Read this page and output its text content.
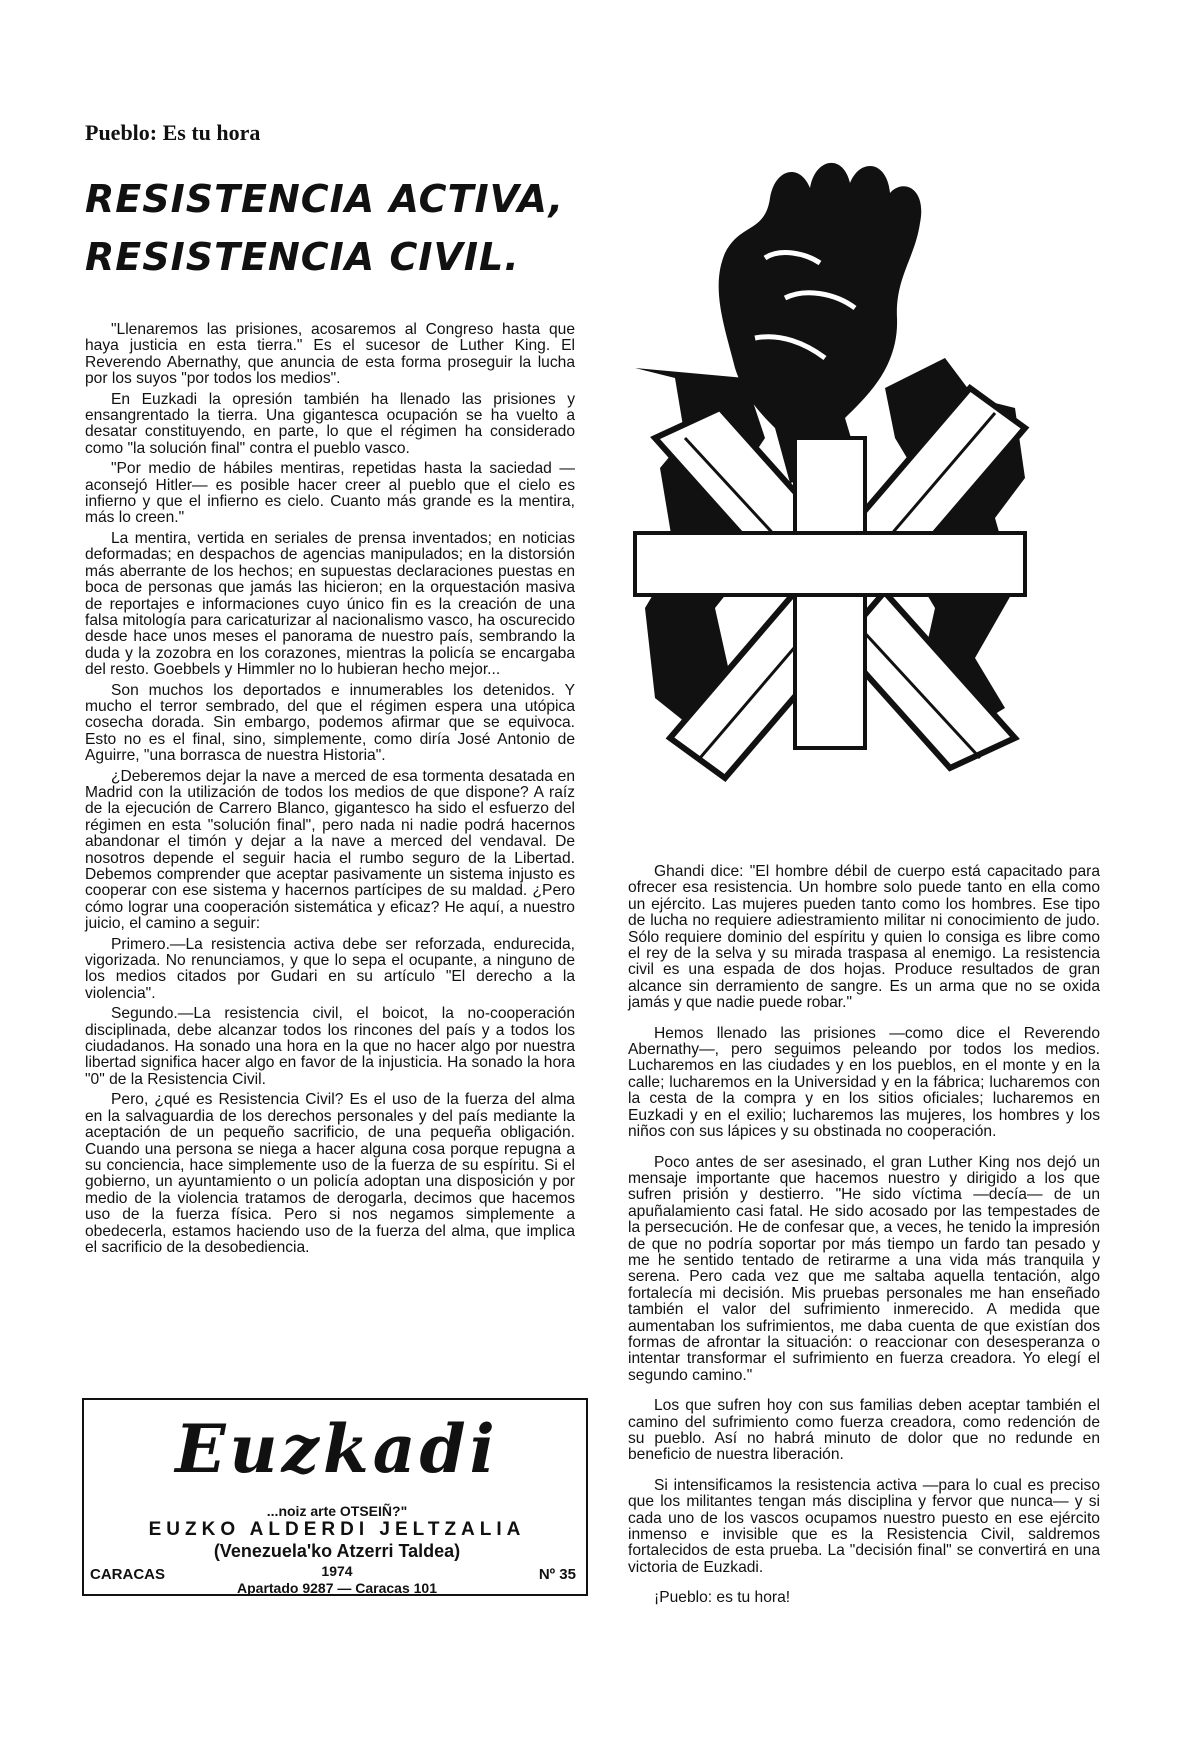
Pueblo: Es tu hora
RESISTENCIA ACTIVA,
RESISTENCIA CIVIL.

"Llenaremos las prisiones, acosaremos al Congreso hasta que haya justicia en esta tierra." Es el sucesor de Luther King. El Reverendo Abernathy, que anuncia de esta forma proseguir la lucha por los suyos "por todos los medios".

En Euzkadi la opresión también ha llenado las prisiones y ensangrentado la tierra. Una gigantesca ocupación se ha vuelto a desatar constituyendo, en parte, lo que el régimen ha considerado como "la solución final" contra el pueblo vasco.

"Por medio de hábiles mentiras, repetidas hasta la saciedad —aconsejó Hitler— es posible hacer creer al pueblo que el cielo es infierno y que el infierno es cielo. Cuanto más grande es la mentira, más lo creen."

La mentira, vertida en seriales de prensa inventados; en noticias deformadas; en despachos de agencias manipulados; en la distorsión más aberrante de los hechos; en supuestas declaraciones puestas en boca de personas que jamás las hicieron; en la orquestación masiva de reportajes e informaciones cuyo único fin es la creación de una falsa mitología para caricaturizar al nacionalismo vasco, ha oscurecido desde hace unos meses el panorama de nuestro país, sembrando la duda y la zozobra en los corazones, mientras la policía se encargaba del resto. Goebbels y Himmler no lo hubieran hecho mejor...

Son muchos los deportados e innumerables los detenidos. Y mucho el terror sembrado, del que el régimen espera una utópica cosecha dorada. Sin embargo, podemos afirmar que se equivoca. Esto no es el final, sino, simplemente, como diría José Antonio de Aguirre, "una borrasca de nuestra Historia".

¿Deberemos dejar la nave a merced de esa tormenta desatada en Madrid con la utilización de todos los medios de que dispone? A raíz de la ejecución de Carrero Blanco, gigantesco ha sido el esfuerzo del régimen en esta "solución final", pero nada ni nadie podrá hacernos abandonar el timón y dejar a la nave a merced del vendaval. De nosotros depende el seguir hacia el rumbo seguro de la Libertad. Debemos comprender que aceptar pasivamente un sistema injusto es cooperar con ese sistema y hacernos partícipes de su maldad. ¿Pero cómo lograr una cooperación sistemática y eficaz? He aquí, a nuestro juicio, el camino a seguir:

Primero.—La resistencia activa debe ser reforzada, endurecida, vigorizada. No renunciamos, y que lo sepa el ocupante, a ninguno de los medios citados por Gudari en su artículo "El derecho a la violencia".

Segundo.—La resistencia civil, el boicot, la no-cooperación disciplinada, debe alcanzar todos los rincones del país y a todos los ciudadanos. Ha sonado una hora en la que no hacer algo por nuestra libertad significa hacer algo en favor de la injusticia. Ha sonado la hora "0" de la Resistencia Civil.

Pero, ¿qué es Resistencia Civil? Es el uso de la fuerza del alma en la salvaguardia de los derechos personales y del país mediante la aceptación de un pequeño sacrificio, de una pequeña obligación. Cuando una persona se niega a hacer alguna cosa porque repugna a su conciencia, hace simplemente uso de la fuerza de su espíritu. Si el gobierno, un ayuntamiento o un policía adoptan una disposición y por medio de la violencia tratamos de derogarla, decimos que hacemos uso de la fuerza física. Pero si nos negamos simplemente a obedecerla, estamos haciendo uso de la fuerza del alma, que implica el sacrificio de la desobediencia.

Ghandi dice: "El hombre débil de cuerpo está capacitado para ofrecer esa resistencia. Un hombre solo puede tanto en ella como un ejército. Las mujeres pueden tanto como los hombres. Ese tipo de lucha no requiere adiestramiento militar ni conocimiento de judo. Sólo requiere dominio del espíritu y quien lo consiga es libre como el rey de la selva y su mirada traspasa al enemigo. La resistencia civil es una espada de dos hojas. Produce resultados de gran alcance sin derramiento de sangre. Es un arma que no se oxida jamás y que nadie puede robar."

Hemos llenado las prisiones —como dice el Reverendo Abernathy—, pero seguimos peleando por todos los medios. Lucharemos en las ciudades y en los pueblos, en el monte y en la calle; lucharemos en la Universidad y en la fábrica; lucharemos con la cesta de la compra y en los sitios oficiales; lucharemos en Euzkadi y en el exilio; lucharemos las mujeres, los hombres y los niños con sus lápices y su obstinada no cooperación.

Poco antes de ser asesinado, el gran Luther King nos dejó un mensaje importante que hacemos nuestro y dirigido a los que sufren prisión y destierro. "He sido víctima —decía— de un apuñalamiento casi fatal. He sido acosado por las tempestades de la persecución. He de confesar que, a veces, he tenido la impresión de que no podría soportar por más tiempo un fardo tan pesado y me he sentido tentado de retirarme a una vida más tranquila y serena. Pero cada vez que me saltaba aquella tentación, algo fortalecía mi decisión. Mis pruebas personales me han enseñado también el valor del sufrimiento inmerecido. A medida que aumentaban los sufrimientos, me daba cuenta de que existían dos formas de afrontar la situación: o reaccionar con desesperanza o intentar transformar el sufrimiento en fuerza creadora. Yo elegí el segundo camino."

Los que sufren hoy con sus familias deben aceptar también el camino del sufrimiento como fuerza creadora, como redención de su pueblo. Así no habrá minuto de dolor que no redunde en beneficio de nuestra liberación.

Si intensificamos la resistencia activa —para lo cual es preciso que los militantes tengan más disciplina y fervor que nunca— y si cada uno de los vascos ocupamos nuestro puesto en ese ejército inmenso e invisible que es la Resistencia Civil, saldremos fortalecidos de esta prueba. La "decisión final" se convertirá en una victoria de Euzkadi.

¡Pueblo: es tu hora!

Euzkadi
...noiz arte OTSEIÑ?"
EUZKO ALDERDI JELTZALIA
(Venezuela'ko Atzerri Taldea)
CARACAS	1974	Nº 35
Apartado 9287 — Caracas 101
